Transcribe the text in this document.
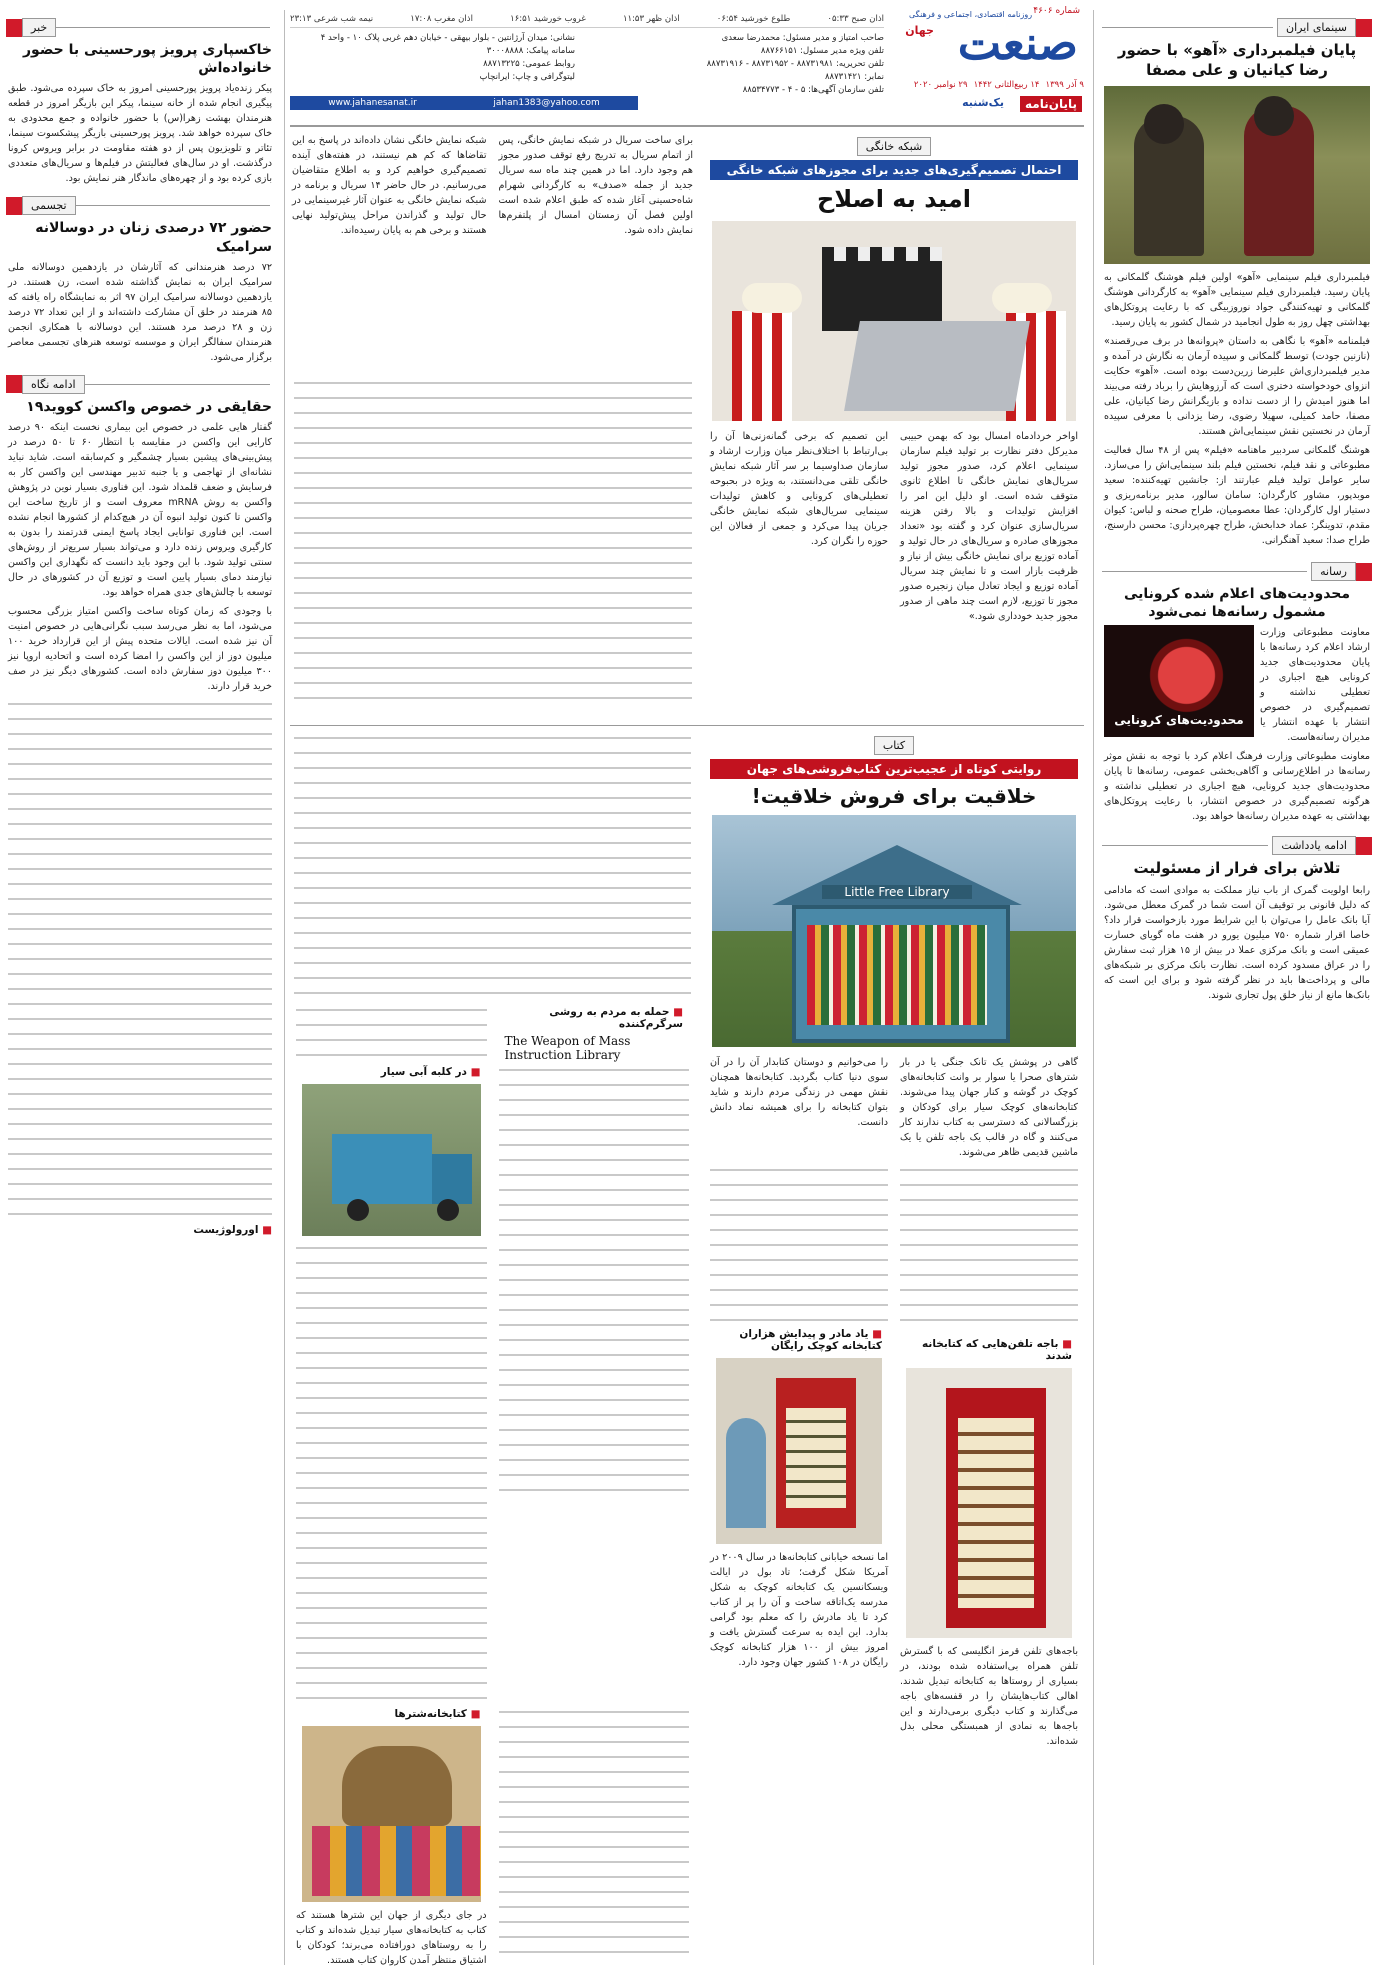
سینمای ایران
پایان فیلمبرداری «آهو» با حضور رضا کیانیان و علی مصفا
فیلمبرداری فیلم سینمایی «آهو» اولین فیلم هوشنگ گلمکانی به پایان رسید. فیلمبرداری فیلم سینمایی «آهو» به کارگردانی هوشنگ گلمکانی و تهیه‌کنندگی جواد نوروزبیگی که با رعایت پروتکل‌های بهداشتی چهل روز به طول انجامید در شمال کشور به پایان رسید.
فیلمنامه «آهو» با نگاهی به داستان «پروانه‌ها در برف می‌رقصند» (نازنین جودت) توسط گلمکانی و سپیده آرمان به نگارش در آمده و مدیر فیلمبرداری‌اش علیرضا زرین‌دست بوده است. «آهو» حکایت انزوای خودخواسته دختری است که آرزوهایش را برباد رفته می‌بیند اما هنوز امیدش را از دست نداده و بازیگرانش رضا کیانیان، علی مصفا، حامد کمیلی، سهیلا رضوی، رضا یزدانی با معرفی سپیده آرمان در نخستین نقش سینمایی‌اش هستند.
هوشنگ گلمکانی سردبیر ماهنامه «فیلم» پس از ۴۸ سال فعالیت مطبوعاتی و نقد فیلم، نخستین فیلم بلند سینمایی‌اش را می‌سازد. سایر عوامل تولید فیلم عبارتند از: جانشین تهیه‌کننده: سعید موبدپور، مشاور کارگردان: سامان سالور، مدیر برنامه‌ریزی و دستیار اول کارگردان: عطا معصومیان، طراح صحنه و لباس: کیوان مقدم، تدوینگر: عماد خدابخش، طراح چهره‌پردازی: محسن دارسنج، طراح صدا: سعید آهنگرانی.
رسانه
محدودیت‌های اعلام شده کرونایی مشمول رسانه‌ها نمی‌شود
محدودیت‌های کرونایی
معاونت مطبوعاتی وزارت ارشاد اعلام کرد رسانه‌ها با پایان محدودیت‌های جدید کرونایی هیچ اجباری در تعطیلی نداشته و تصمیم‌گیری در خصوص انتشار با عهده انتشار یا مدیران رسانه‌هاست.
معاونت مطبوعاتی وزارت فرهنگ اعلام کرد با توجه به نقش موثر رسانه‌ها در اطلاع‌رسانی و آگاهی‌بخشی عمومی، رسانه‌ها تا پایان محدودیت‌های جدید کرونایی، هیچ اجباری در تعطیلی نداشته و هرگونه تصمیم‌گیری در خصوص انتشار، با رعایت پروتکل‌های بهداشتی به عهده مدیران رسانه‌ها خواهد بود.
ادامه یادداشت
تلاش برای فرار از مسئولیت
رابعا اولویت گمرک از باب نیاز مملکت به موادی است که مادامی که دلیل قانونی بر توقیف آن است شما در گمرک معطل می‌شود. آیا بانک عامل را می‌توان با این شرایط مورد بازخواست قرار داد؟ خاصا اقرار شماره ۷۵۰ میلیون یورو در هفت ماه گویای خسارت عمیقی است و بانک مرکزی عملا در بیش از ۱۵ هزار ثبت سفارش را در عراق مسدود کرده است. نظارت بانک مرکزی بر شبکه‌های مالی و پرداخت‌ها باید در نظر گرفته شود و برای این است که بانک‌ها مانع از نیاز خلق پول تجاری شوند.
خبر
خاکسپاری پرویز پورحسینی با حضور خانواده‌اش
پیکر زنده‌یاد پرویز پورحسینی امروز به خاک سپرده می‌شود. طبق پیگیری انجام شده از خانه سینما، پیکر این بازیگر امروز در قطعه هنرمندان بهشت زهرا(س) با حضور خانواده و جمع محدودی به خاک سپرده خواهد شد. پرویز پورحسینی بازیگر پیشکسوت سینما، تئاتر و تلویزیون پس از دو هفته مقاومت در برابر ویروس کرونا درگذشت. او در سال‌های فعالیتش در فیلم‌ها و سریال‌های متعددی بازی کرده بود و از چهره‌های ماندگار هنر نمایش بود.
تجسمی
حضور ۷۲ درصدی زنان در دوسالانه سرامیک
۷۲ درصد هنرمندانی که آثارشان در یازدهمین دوسالانه ملی سرامیک ایران به نمایش گذاشته شده است، زن هستند. در یازدهمین دوسالانه سرامیک ایران ۹۷ اثر به نمایشگاه راه یافته که ۸۵ هنرمند در خلق آن مشارکت داشته‌اند و از این تعداد ۷۲ درصد زن و ۲۸ درصد مرد هستند. این دوسالانه با همکاری انجمن هنرمندان سفالگر ایران و موسسه توسعه هنرهای تجسمی معاصر برگزار می‌شود.
ادامه نگاه
حقایقی در خصوص واکسن کووید۱۹
گفتار هایی علمی در خصوص این بیماری نخست اینکه ۹۰ درصد کارایی این واکسن در مقایسه با انتظار ۶۰ تا ۵۰ درصد در پیش‌بینی‌های پیشین بسیار چشمگیر و کم‌سابقه است. شاید نباید نشانه‌ای از تهاجمی و یا جنبه تدبیر مهندسی این واکسن کار به فرسایش و ضعف قلمداد شود. این فناوری بسیار نوین در پژوهش واکسن به روش mRNA معروف است و از تاریخ ساخت این واکسن تا کنون تولید انبوه آن در هیچ‌کدام از کشورها انجام نشده است. این فناوری توانایی ایجاد پاسخ ایمنی قدرتمند را بدون به کارگیری ویروس زنده دارد و می‌تواند بسیار سریع‌تر از روش‌های سنتی تولید شود. با این وجود باید دانست که نگهداری این واکسن نیازمند دمای بسیار پایین است و توزیع آن در کشورهای در حال توسعه با چالش‌های جدی همراه خواهد بود.
با وجودی که زمان کوتاه ساخت واکسن امتیاز بزرگی محسوب می‌شود، اما به نظر می‌رسد سبب نگرانی‌هایی در خصوص امنیت آن نیز شده است. ایالات متحده پیش از این قرارداد خرید ۱۰۰ میلیون دوز از این واکسن را امضا کرده است و اتحادیه اروپا نیز ۳۰۰ میلیون دوز سفارش داده است. کشورهای دیگر نیز در صف خرید قرار دارند.
■ اورولوژیست
شماره ۴۶۰۶
صنعت
جهان
۹ آذر ۱۳۹۹
۱۴ ربیع‌الثانی ۱۴۴۲
۲۹ نوامبر ۲۰۲۰
پایان‌نامه
یک‌شنبه
روزنامه اقتصادی، اجتماعی و فرهنگی
اذان صبح ۰۵:۳۳
طلوع خورشید ۰۶:۵۴
اذان ظهر ۱۱:۵۳
غروب خورشید ۱۶:۵۱
اذان مغرب ۱۷:۰۸
نیمه شب شرعی ۲۳:۱۳
صاحب امتیاز و مدیر مسئول: محمدرضا سعدی
تلفن ویژه مدیر مسئول: ۸۸۷۶۶۱۵۱
تلفن تحریریه: ۸۸۷۳۱۹۸۱ - ۸۸۷۳۱۹۵۲ - ۸۸۷۳۱۹۱۶
نمابر: ۸۸۷۳۱۴۲۱
تلفن سازمان آگهی‌ها: ۵ - ۴ - ۸۸۵۳۴۷۷۳
نشانی: میدان آرژانتین - بلوار بیهقی - خیابان دهم غربی پلاک ۱۰ - واحد ۴
سامانه پیامک: ۳۰۰۰۸۸۸۸
روابط عمومی: ۸۸۷۱۳۲۲۵
لیتوگرافی و چاپ: ایرانچاپ
www.jahanesanat.ir	jahan1383@yahoo.com
شبکه خانگی
احتمال تصمیم‌گیری‌های جدید برای مجوزهای شبکه خانگی
امید به اصلاح
اواخر خردادماه امسال بود که بهمن حبیبی مدیرکل دفتر نظارت بر تولید فیلم سازمان سینمایی اعلام کرد، صدور مجوز تولید سریال‌های نمایش خانگی تا اطلاع ثانوی متوقف شده است. او دلیل این امر را افزایش تولیدات و بالا رفتن هزینه سریال‌سازی عنوان کرد و گفته بود «تعداد مجوزهای صادره و سریال‌های در حال تولید و آماده توزیع برای نمایش خانگی بیش از نیاز و ظرفیت بازار است و تا نمایش چند سریال آماده توزیع و ایجاد تعادل میان زنجیره صدور مجوز تا توزیع، لازم است چند ماهی از صدور مجوز جدید خودداری شود.»
این تصمیم که برخی گمانه‌زنی‌ها آن را بی‌ارتباط با اختلاف‌نظر میان وزارت ارشاد و سازمان صداوسیما بر سر آثار شبکه نمایش خانگی تلقی می‌دانستند، به ویژه در بحبوحه تعطیلی‌های کرونایی و کاهش تولیدات سینمایی سریال‌های شبکه نمایش خانگی جریان پیدا می‌کرد و جمعی از فعالان این حوزه را نگران کرد.
برای ساخت سریال در شبکه نمایش خانگی، پس از اتمام سریال به تدریج رفع توقف صدور مجوز هم وجود دارد. اما در همین چند ماه سه سریال جدید از جمله «صدف» به کارگردانی شهرام شاه‌حسینی آغاز شده که طبق اعلام شده است اولین فصل آن زمستان امسال از پلتفرم‌ها نمایش داده شود.
شبکه نمایش خانگی نشان داده‌اند در پاسخ به این تقاضاها که کم هم نیستند، در هفته‌های آینده تصمیم‌گیری خواهیم کرد و به اطلاع متقاضیان می‌رسانیم. در حال حاضر ۱۴ سریال و برنامه در شبکه نمایش خانگی به عنوان آثار غیرسینمایی در حال تولید و گذراندن مراحل پیش‌تولید نهایی هستند و برخی هم به پایان رسیده‌اند.
کتاب
روایتی کوتاه از عجیب‌ترین کتاب‌فروشی‌های جهان
خلاقیت برای فروش خلاقیت!
Little Free Library
گاهی در پوشش یک تانک جنگی یا در بار شترهای صحرا یا سوار بر وانت کتابخانه‌های کوچک در گوشه و کنار جهان پیدا می‌شوند. کتابخانه‌های کوچک سیار برای کودکان و بزرگسالانی که دسترسی به کتاب ندارند کار می‌کنند و گاه در قالب یک باجه تلفن یا یک ماشین قدیمی ظاهر می‌شوند.
را می‌خوانیم و دوستان کتابدار آن را در آن سوی دنیا کتاب بگردید. کتابخانه‌ها همچنان نقش مهمی در زندگی مردم دارند و شاید بتوان کتابخانه را برای همیشه نماد دانش دانست.
■ باجه تلفن‌هایی که کتابخانه شدند
باجه‌های تلفن قرمز انگلیسی که با گسترش تلفن همراه بی‌استفاده شده بودند، در بسیاری از روستاها به کتابخانه تبدیل شدند. اهالی کتاب‌هایشان را در قفسه‌های باجه می‌گذارند و کتاب دیگری برمی‌دارند و این باجه‌ها به نمادی از همبستگی محلی بدل شده‌اند.
■ یاد مادر و پیدایش هزاران کتابخانه کوچک رایگان
اما نسخه خیابانی کتابخانه‌ها در سال ۲۰۰۹ در آمریکا شکل گرفت؛ تاد بول در ایالت ویسکانسین یک کتابخانه کوچک به شکل مدرسه یک‌اتاقه ساخت و آن را پر از کتاب کرد تا یاد مادرش را که معلم بود گرامی بدارد. این ایده به سرعت گسترش یافت و امروز بیش از ۱۰۰ هزار کتابخانه کوچک رایگان در ۱۰۸ کشور جهان وجود دارد.
■ حمله به مردم به روشی سرگرم‌کننده
The Weapon of Mass Instruction Library
■ در کلبه آبی سیار
■ کتابخانه‌شترها
در جای دیگری از جهان این شترها هستند که کتاب به کتابخانه‌های سیار تبدیل شده‌اند و کتاب را به روستاهای دورافتاده می‌برند؛ کودکان با اشتیاق منتظر آمدن کاروان کتاب هستند.
